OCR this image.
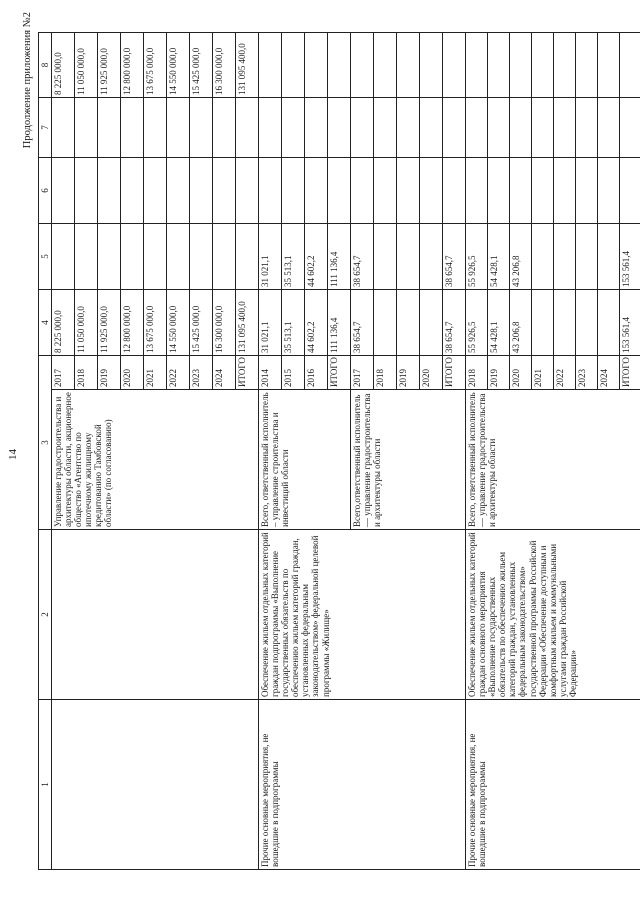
14
Продолжение приложения №2
1	2	3		4	5	6	7	8
		Управление градостроительства и архитектуры области, акционерное общество «Агентство по ипотечному жилищному кредитованию Тамбовской области» (по согласованию)	2017	8 225 000,0				8 225 000,0
			2018	11 050 000,0				11 050 000,0
			2019	11 925 000,0				11 925 000,0
			2020	12 800 000,0				12 800 000,0
			2021	13 675 000,0				13 675 000,0
			2022	14 550 000,0				14 550 000,0
			2023	15 425 000,0				15 425 000,0
			2024	16 300 000,0				16 300 000,0
			ИТОГО	131 095 400,0				131 095 400,0
Прочие основные мероприятия, не вошедшие в подпрограммы	Обеспечение жильем отдельных категорий граждан подпрограммы «Выполнение государственных обязательств по обеспечению жильем категорий граждан, установленных федеральным законодательством» федеральной целевой программы «Жилище»	Всего, ответственный исполнитель – управление строительства и инвестиций области	2014	31 021,1	31 021,1			
			2015	35 513,1	35 513,1			
			2016	44 602,2	44 602,2			
			ИТОГО	111 136,4	111 136,4			
		Всего,ответственный исполнитель — управление градостроительства и архитектуры области	2017	38 654,7	38 654,7			
			2018					
			2019					
			2020					
			ИТОГО	38 654,7	38 654,7			
Прочие основные мероприятия, не вошедшие в подпрограммы	Обеспечение жильем отдельных категорий граждан основного мероприятия «Выполнение государственных обязательств по обеспечению жильем категорий граждан, установленных федеральным законодательством» государственной программы Российской Федерации «Обеспечение доступным и комфортным жильем и коммунальными услугами граждан Российской Федерации»	Всего, ответственный исполнитель — управление градостроительства и архитектуры области	2018	55 926,5	55 926,5			
			2019	54 428,1	54 428,1			
			2020	43 206,8	43 206,8			
			2021					
			2022					
			2023					
			2024					
			ИТОГО	153 561,4	153 561,4			
